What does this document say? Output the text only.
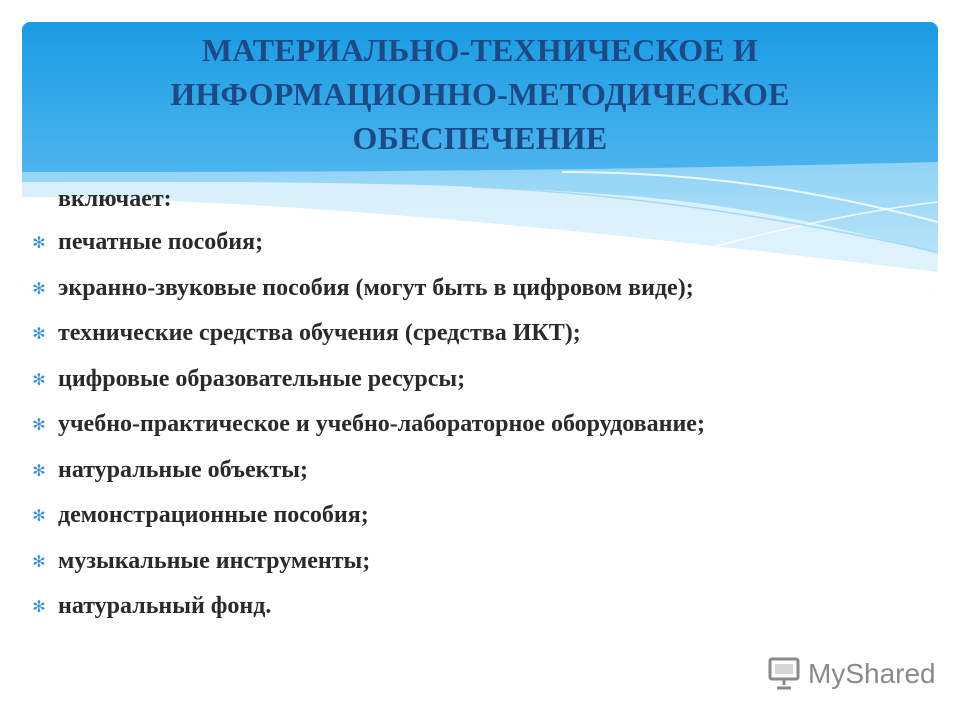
МАТЕРИАЛЬНО-ТЕХНИЧЕСКОЕ И
ИНФОРМАЦИОННО-МЕТОДИЧЕСКОЕ
ОБЕСПЕЧЕНИЕ
включает:
✻ печатные пособия;
✻ экранно-звуковые пособия (могут быть в цифровом виде);
✻ технические средства обучения (средства ИКТ);
✻ цифровые образовательные ресурсы;
✻ учебно-практическое и учебно-лабораторное оборудование;
✻ натуральные объекты;
✻ демонстрационные пособия;
✻ музыкальные инструменты;
✻ натуральный фонд.
MyShared
